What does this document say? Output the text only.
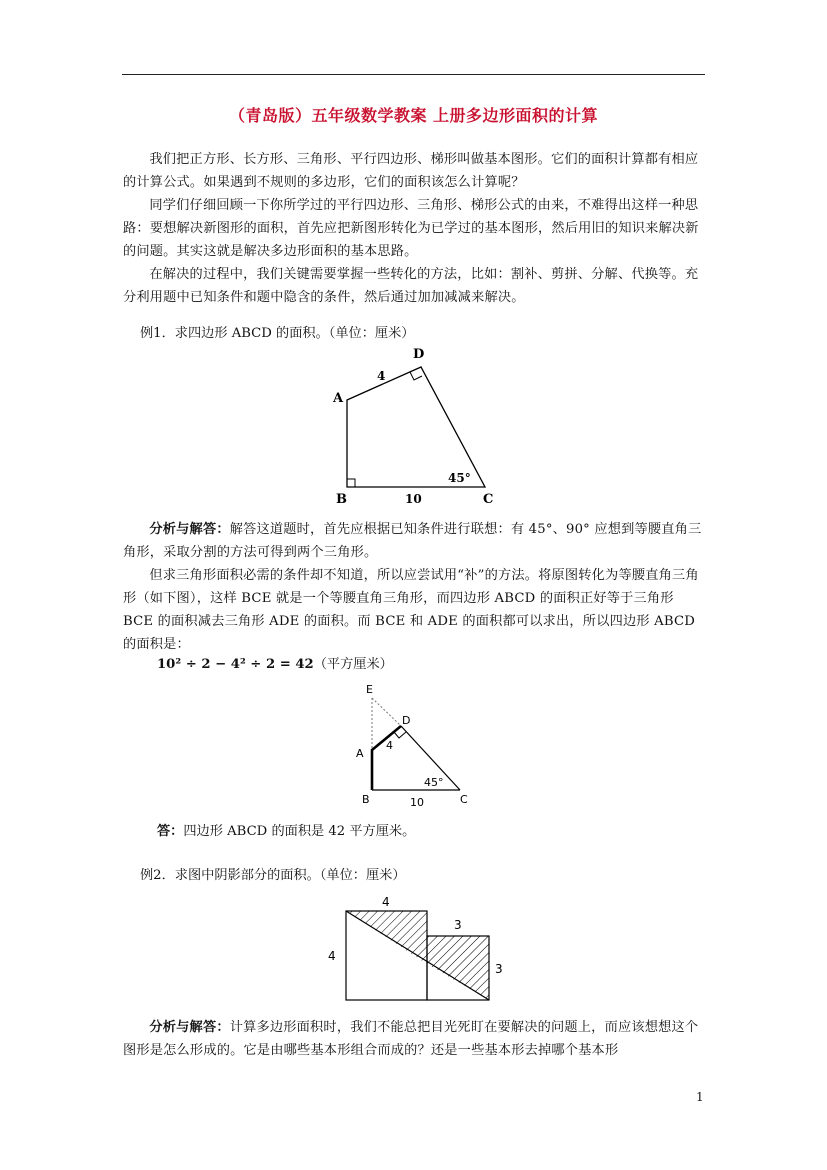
（青岛版）五年级数学教案 上册多边形面积的计算

我们把正方形、长方形、三角形、平行四边形、梯形叫做基本图形。它们的面积计算都有相应的计算公式。如果遇到不规则的多边形，它们的面积该怎么计算呢？

同学们仔细回顾一下你所学过的平行四边形、三角形、梯形公式的由来，不难得出这样一种思路：要想解决新图形的面积，首先应把新图形转化为已学过的基本图形，然后用旧的知识来解决新的问题。其实这就是解决多边形面积的基本思路。

在解决的过程中，我们关键需要掌握一些转化的方法，比如：割补、剪拼、分解、代换等。充分利用题中已知条件和题中隐含的条件，然后通过加加减减来解决。

例1．求四边形 ABCD 的面积。（单位：厘米）
A
D
B	C
4
10
45°

分析与解答：解答这道题时，首先应根据已知条件进行联想：有 45°、90° 应想到等腰直角三角形，采取分割的方法可得到两个三角形。

但求三角形面积必需的条件却不知道，所以应尝试用“补”的方法。将原图转化为等腰直角三角形（如下图），这样 BCE 就是一个等腰直角三角形，而四边形 ABCD 的面积正好等于三角形 BCE 的面积减去三角形 ADE 的面积。而 BCE 和 ADE 的面积都可以求出，所以四边形 ABCD 的面积是：

10² ÷ 2 − 4² ÷ 2 = 42（平方厘米）
E
D
A
B	C
4
10
45°
答：四边形 ABCD 的面积是 42 平方厘米。
例2．求图中阴影部分的面积。（单位：厘米）
4
4
3
3

分析与解答：计算多边形面积时，我们不能总把目光死盯在要解决的问题上，而应该想想这个图形是怎么形成的。它是由哪些基本形组合而成的？还是一些基本形去掉哪个基本形

1
